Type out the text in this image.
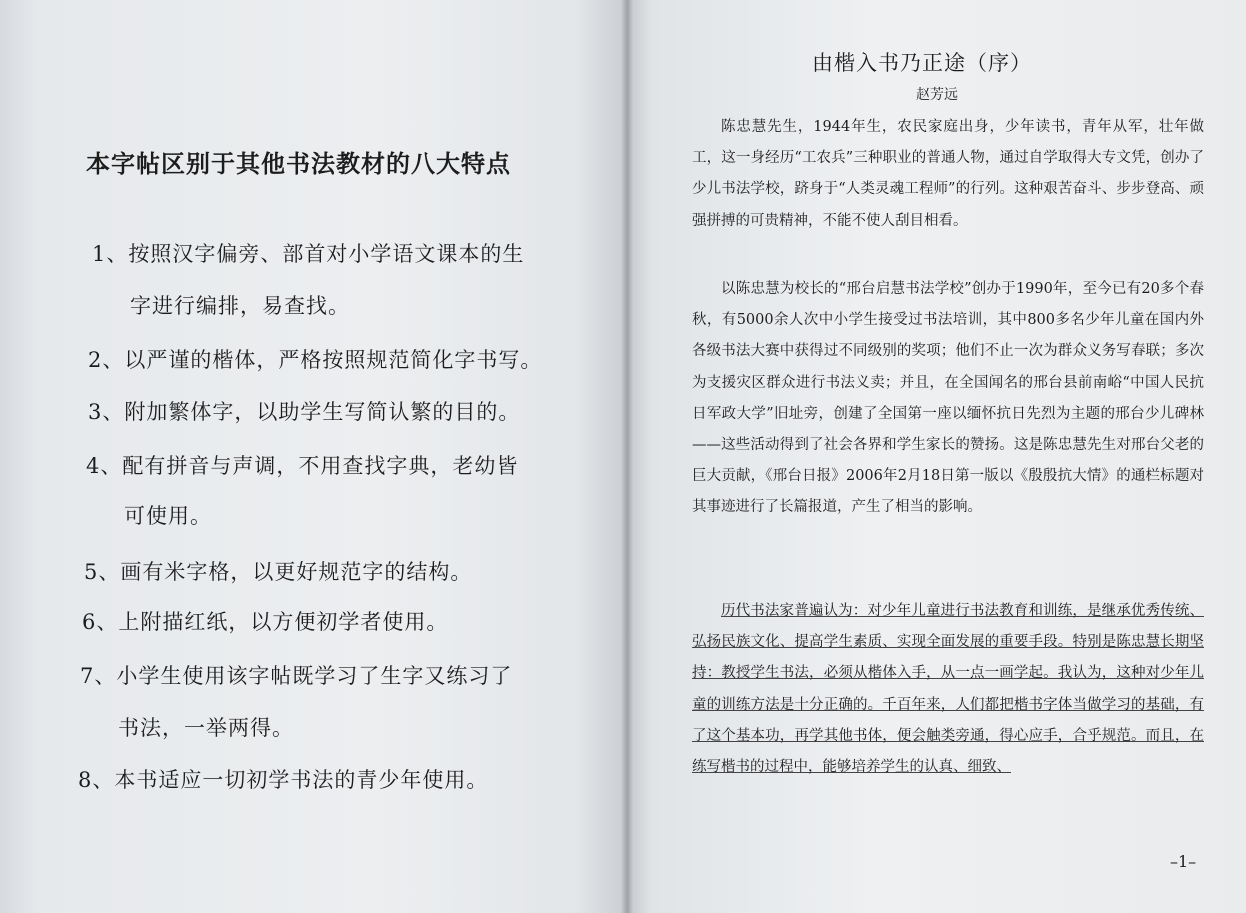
本字帖区别于其他书法教材的八大特点
1、按照汉字偏旁、部首对小学语文课本的生
字进行编排，易查找。
2、以严谨的楷体，严格按照规范简化字书写。
3、附加繁体字，以助学生写简认繁的目的。
4、配有拼音与声调，不用查找字典，老幼皆
可使用。
5、画有米字格，以更好规范字的结构。
6、上附描红纸，以方便初学者使用。
7、小学生使用该字帖既学习了生字又练习了
书法，一举两得。
8、本书适应一切初学书法的青少年使用。

由楷入书乃正途（序）
赵芳远
陈忠慧先生，1944年生，农民家庭出身，少年读书，青年从军，壮年做工，这一身经历“工农兵”三种职业的普通人物，通过自学取得大专文凭，创办了少儿书法学校，跻身于“人类灵魂工程师”的行列。这种艰苦奋斗、步步登高、顽强拼搏的可贵精神，不能不使人刮目相看。
以陈忠慧为校长的“邢台启慧书法学校”创办于1990年，至今已有20多个春秋，有5000余人次中小学生接受过书法培训，其中800多名少年儿童在国内外各级书法大赛中获得过不同级别的奖项；他们不止一次为群众义务写春联；多次为支援灾区群众进行书法义卖；并且，在全国闻名的邢台县前南峪“中国人民抗日军政大学”旧址旁，创建了全国第一座以缅怀抗日先烈为主题的邢台少儿碑林——这些活动得到了社会各界和学生家长的赞扬。这是陈忠慧先生对邢台父老的巨大贡献，《邢台日报》2006年2月18日第一版以《殷殷抗大情》的通栏标题对其事迹进行了长篇报道，产生了相当的影响。
历代书法家普遍认为：对少年儿童进行书法教育和训练，是继承优秀传统、弘扬民族文化、提高学生素质、实现全面发展的重要手段。特别是陈忠慧长期坚持：教授学生书法，必须从楷体入手，从一点一画学起。我认为，这种对少年儿童的训练方法是十分正确的。千百年来，人们都把楷书字体当做学习的基础，有了这个基本功，再学其他书体，便会触类旁通，得心应手，合乎规范。而且，在练写楷书的过程中，能够培养学生的认真、细致、
–1–
